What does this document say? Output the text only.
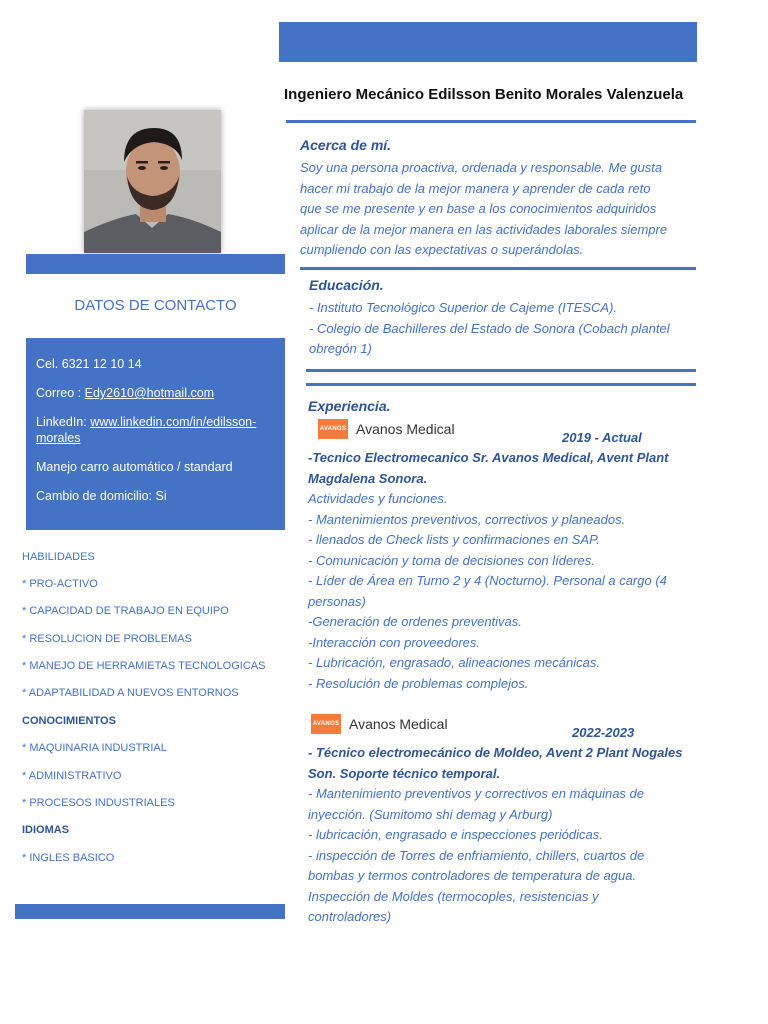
Ingeniero Mecánico Edilsson Benito Morales Valenzuela
DATOS DE CONTACTO
Cel. 6321 12 10 14
Correo : Edy2610@hotmail.com
LinkedIn: www.linkedin.com/in/edilsson-
morales
Manejo carro automático / standard
Cambio de domicilio: Si
HABILIDADES
* PRO-ACTIVO
* CAPACIDAD DE TRABAJO EN EQUIPO
* RESOLUCION DE PROBLEMAS
* MANEJO DE HERRAMIETAS TECNOLOGICAS
* ADAPTABILIDAD A NUEVOS ENTORNOS
CONOCIMIENTOS
* MAQUINARIA INDUSTRIAL
* ADMINISTRATIVO
* PROCESOS INDUSTRIALES
IDIOMAS
* INGLES BASICO
Acerca de mí.
Soy una persona proactiva, ordenada y responsable. Me gusta
hacer mi trabajo de la mejor manera y aprender de cada reto
que se me presente y en base a los conocimientos adquiridos
aplicar de la mejor manera en las actividades laborales siempre
cumpliendo con las expectativas o superándolas.
Educación.
- Instituto Tecnológico Superior de Cajeme (ITESCA).
- Colegio de Bachilleres del Estado de Sonora (Cobach plantel
obregón 1)
Experiencia.
AVANOS Avanos Medical
2019 - Actual
-Tecnico Electromecanico Sr. Avanos Medical, Avent Plant
Magdalena Sonora.
Actividades y funciones.
- Mantenimientos preventivos, correctivos y planeados.
- llenados de Check lists y confirmaciones en SAP.
- Comunicación y toma de decisiones con líderes.
- Líder de Área en Turno 2 y 4 (Nocturno). Personal a cargo (4
personas)
-Generación de ordenes preventivas.
-Interacción con proveedores.
- Lubricación, engrasado, alineaciones mecánicas.
- Resolución de problemas complejos.
AVANOS Avanos Medical
2022-2023
- Técnico electromecánico de Moldeo, Avent 2 Plant Nogales
Son. Soporte técnico temporal.
- Mantenimiento preventivos y correctivos en máquinas de
inyección. (Sumitomo shi demag y Arburg)
- lubricación, engrasado e inspecciones periódicas.
- inspección de Torres de enfriamiento, chillers, cuartos de
bombas y termos controladores de temperatura de agua.
Inspección de Moldes (termocoples, resistencias y
controladores)
